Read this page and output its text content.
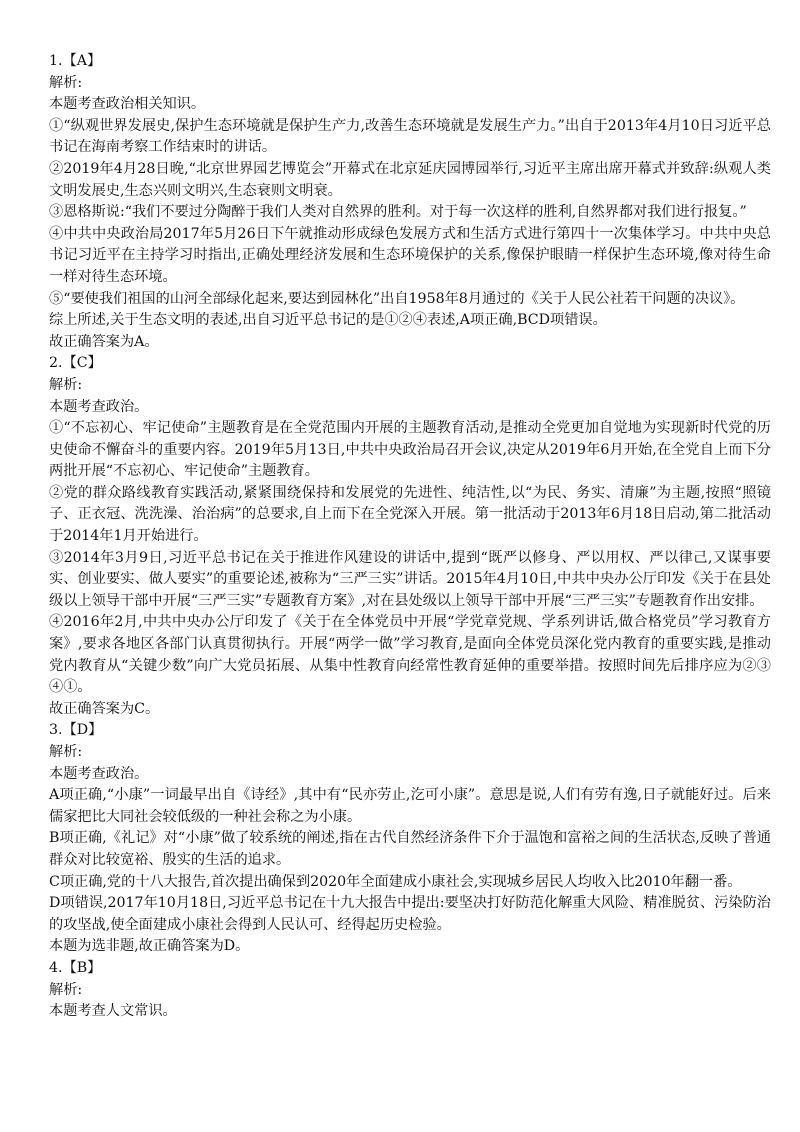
1.【A】

解析:

本题考查政治相关知识。

①“纵观世界发展史,保护生态环境就是保护生产力,改善生态环境就是发展生产力。”出自于2013年4月10日习近平总书记在海南考察工作结束时的讲话。

②2019年4月28日晚,“北京世界园艺博览会”开幕式在北京延庆园博园举行,习近平主席出席开幕式并致辞:纵观人类文明发展史,生态兴则文明兴,生态衰则文明衰。

③恩格斯说:“我们不要过分陶醉于我们人类对自然界的胜利。对于每一次这样的胜利,自然界都对我们进行报复。”

④中共中央政治局2017年5月26日下午就推动形成绿色发展方式和生活方式进行第四十一次集体学习。中共中央总书记习近平在主持学习时指出,正确处理经济发展和生态环境保护的关系,像保护眼睛一样保护生态环境,像对待生命一样对待生态环境。

⑤“要使我们祖国的山河全部绿化起来,要达到园林化”出自1958年8月通过的《关于人民公社若干问题的决议》。

综上所述,关于生态文明的表述,出自习近平总书记的是①②④表述,A项正确,BCD项错误。

故正确答案为A。

2.【C】

解析:

本题考查政治。

①“不忘初心、牢记使命”主题教育是在全党范围内开展的主题教育活动,是推动全党更加自觉地为实现新时代党的历史使命不懈奋斗的重要内容。2019年5月13日,中共中央政治局召开会议,决定从2019年6月开始,在全党自上而下分两批开展“不忘初心、牢记使命”主题教育。

②党的群众路线教育实践活动,紧紧围绕保持和发展党的先进性、纯洁性,以“为民、务实、清廉”为主题,按照“照镜子、正衣冠、洗洗澡、治治病”的总要求,自上而下在全党深入开展。第一批活动于2013年6月18日启动,第二批活动于2014年1月开始进行。

③2014年3月9日,习近平总书记在关于推进作风建设的讲话中,提到“既严以修身、严以用权、严以律己,又谋事要实、创业要实、做人要实”的重要论述,被称为“三严三实”讲话。2015年4月10日,中共中央办公厅印发《关于在县处级以上领导干部中开展“三严三实”专题教育方案》,对在县处级以上领导干部中开展“三严三实”专题教育作出安排。

④2016年2月,中共中央办公厅印发了《关于在全体党员中开展“学党章党规、学系列讲话,做合格党员”学习教育方案》,要求各地区各部门认真贯彻执行。开展“两学一做”学习教育,是面向全体党员深化党内教育的重要实践,是推动党内教育从“关键少数”向广大党员拓展、从集中性教育向经常性教育延伸的重要举措。按照时间先后排序应为②③④①。

故正确答案为C。

3.【D】

解析:

本题考查政治。

A项正确,“小康”一词最早出自《诗经》,其中有“民亦劳止,汔可小康”。意思是说,人们有劳有逸,日子就能好过。后来儒家把比大同社会较低级的一种社会称之为小康。

B项正确,《礼记》对“小康”做了较系统的阐述,指在古代自然经济条件下介于温饱和富裕之间的生活状态,反映了普通群众对比较宽裕、殷实的生活的追求。

C项正确,党的十八大报告,首次提出确保到2020年全面建成小康社会,实现城乡居民人均收入比2010年翻一番。

D项错误,2017年10月18日,习近平总书记在十九大报告中提出:要坚决打好防范化解重大风险、精准脱贫、污染防治的攻坚战,使全面建成小康社会得到人民认可、经得起历史检验。

本题为选非题,故正确答案为D。

4.【B】

解析:

本题考查人文常识。
